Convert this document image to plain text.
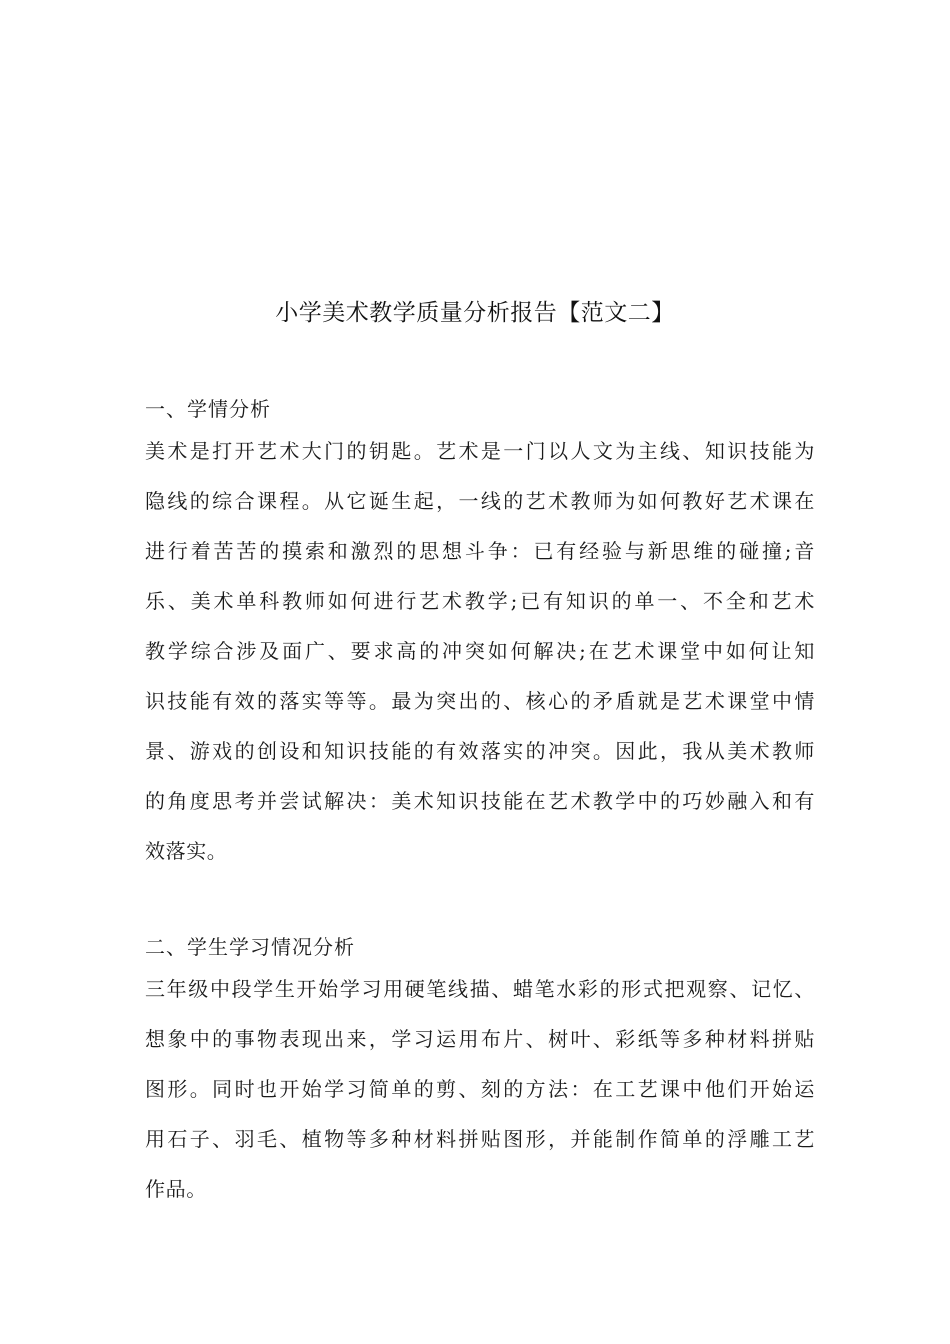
小学美术教学质量分析报告【范文二】
一、学情分析

美术是打开艺术大门的钥匙。艺术是一门以人文为主线、知识技能为
隐线的综合课程。从它诞生起，一线的艺术教师为如何教好艺术课在
进行着苦苦的摸索和激烈的思想斗争：已有经验与新思维的碰撞;音
乐、美术单科教师如何进行艺术教学;已有知识的单一、不全和艺术
教学综合涉及面广、要求高的冲突如何解决;在艺术课堂中如何让知
识技能有效的落实等等。最为突出的、核心的矛盾就是艺术课堂中情
景、游戏的创设和知识技能的有效落实的冲突。因此，我从美术教师
的角度思考并尝试解决：美术知识技能在艺术教学中的巧妙融入和有
效落实。

二、学生学习情况分析

三年级中段学生开始学习用硬笔线描、蜡笔水彩的形式把观察、记忆、
想象中的事物表现出来，学习运用布片、树叶、彩纸等多种材料拼贴
图形。同时也开始学习简单的剪、刻的方法：在工艺课中他们开始运
用石子、羽毛、植物等多种材料拼贴图形，并能制作简单的浮雕工艺
作品。
